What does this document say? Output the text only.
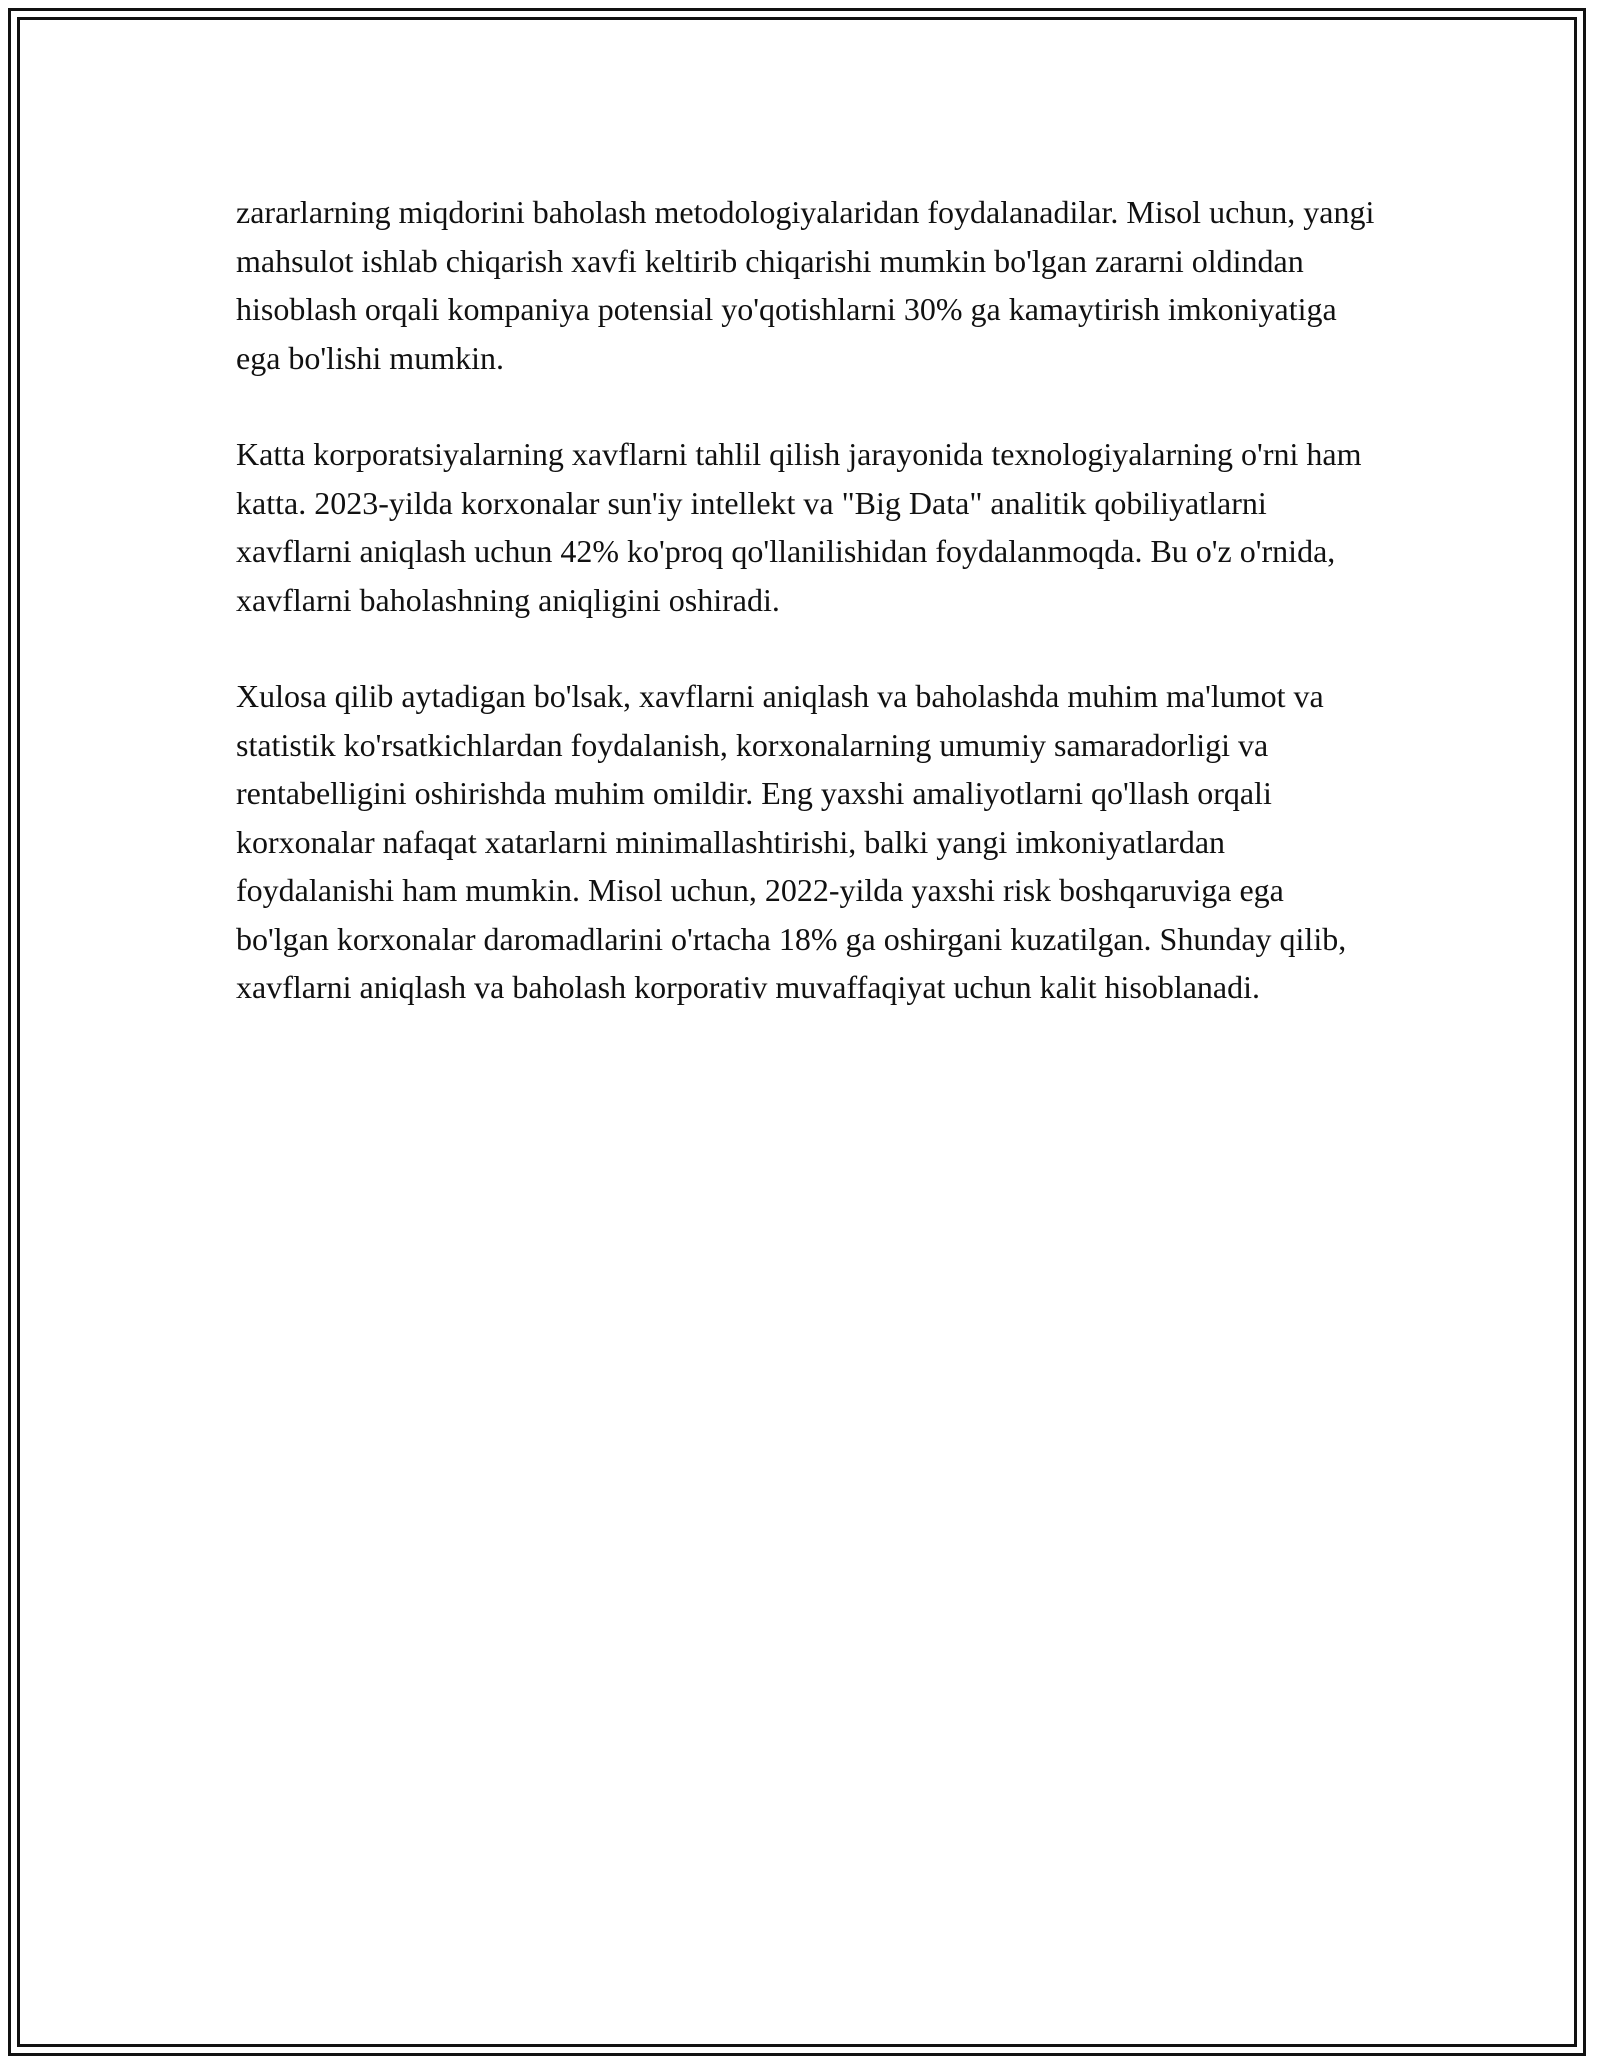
zararlarning miqdorini baholash metodologiyalaridan foydalanadilar. Misol uchun, yangi mahsulot ishlab chiqarish xavfi keltirib chiqarishi mumkin bo'lgan zararni oldindan hisoblash orqali kompaniya potensial yo'qotishlarni 30% ga kamaytirish imkoniyatiga ega bo'lishi mumkin.

Katta korporatsiyalarning xavflarni tahlil qilish jarayonida texnologiyalarning o'rni ham katta. 2023-yilda korxonalar sun'iy intellekt va "Big Data" analitik qobiliyatlarni xavflarni aniqlash uchun 42% ko'proq qo'llanilishidan foydalanmoqda. Bu o'z o'rnida, xavflarni baholashning aniqligini oshiradi.

Xulosa qilib aytadigan bo'lsak, xavflarni aniqlash va baholashda muhim ma'lumot va statistik ko'rsatkichlardan foydalanish, korxonalarning umumiy samaradorligi va rentabelligini oshirishda muhim omildir. Eng yaxshi amaliyotlarni qo'llash orqali korxonalar nafaqat xatarlarni minimallashtirishi, balki yangi imkoniyatlardan foydalanishi ham mumkin. Misol uchun, 2022-yilda yaxshi risk boshqaruviga ega bo'lgan korxonalar daromadlarini o'rtacha 18% ga oshirgani kuzatilgan. Shunday qilib, xavflarni aniqlash va baholash korporativ muvaffaqiyat uchun kalit hisoblanadi.
